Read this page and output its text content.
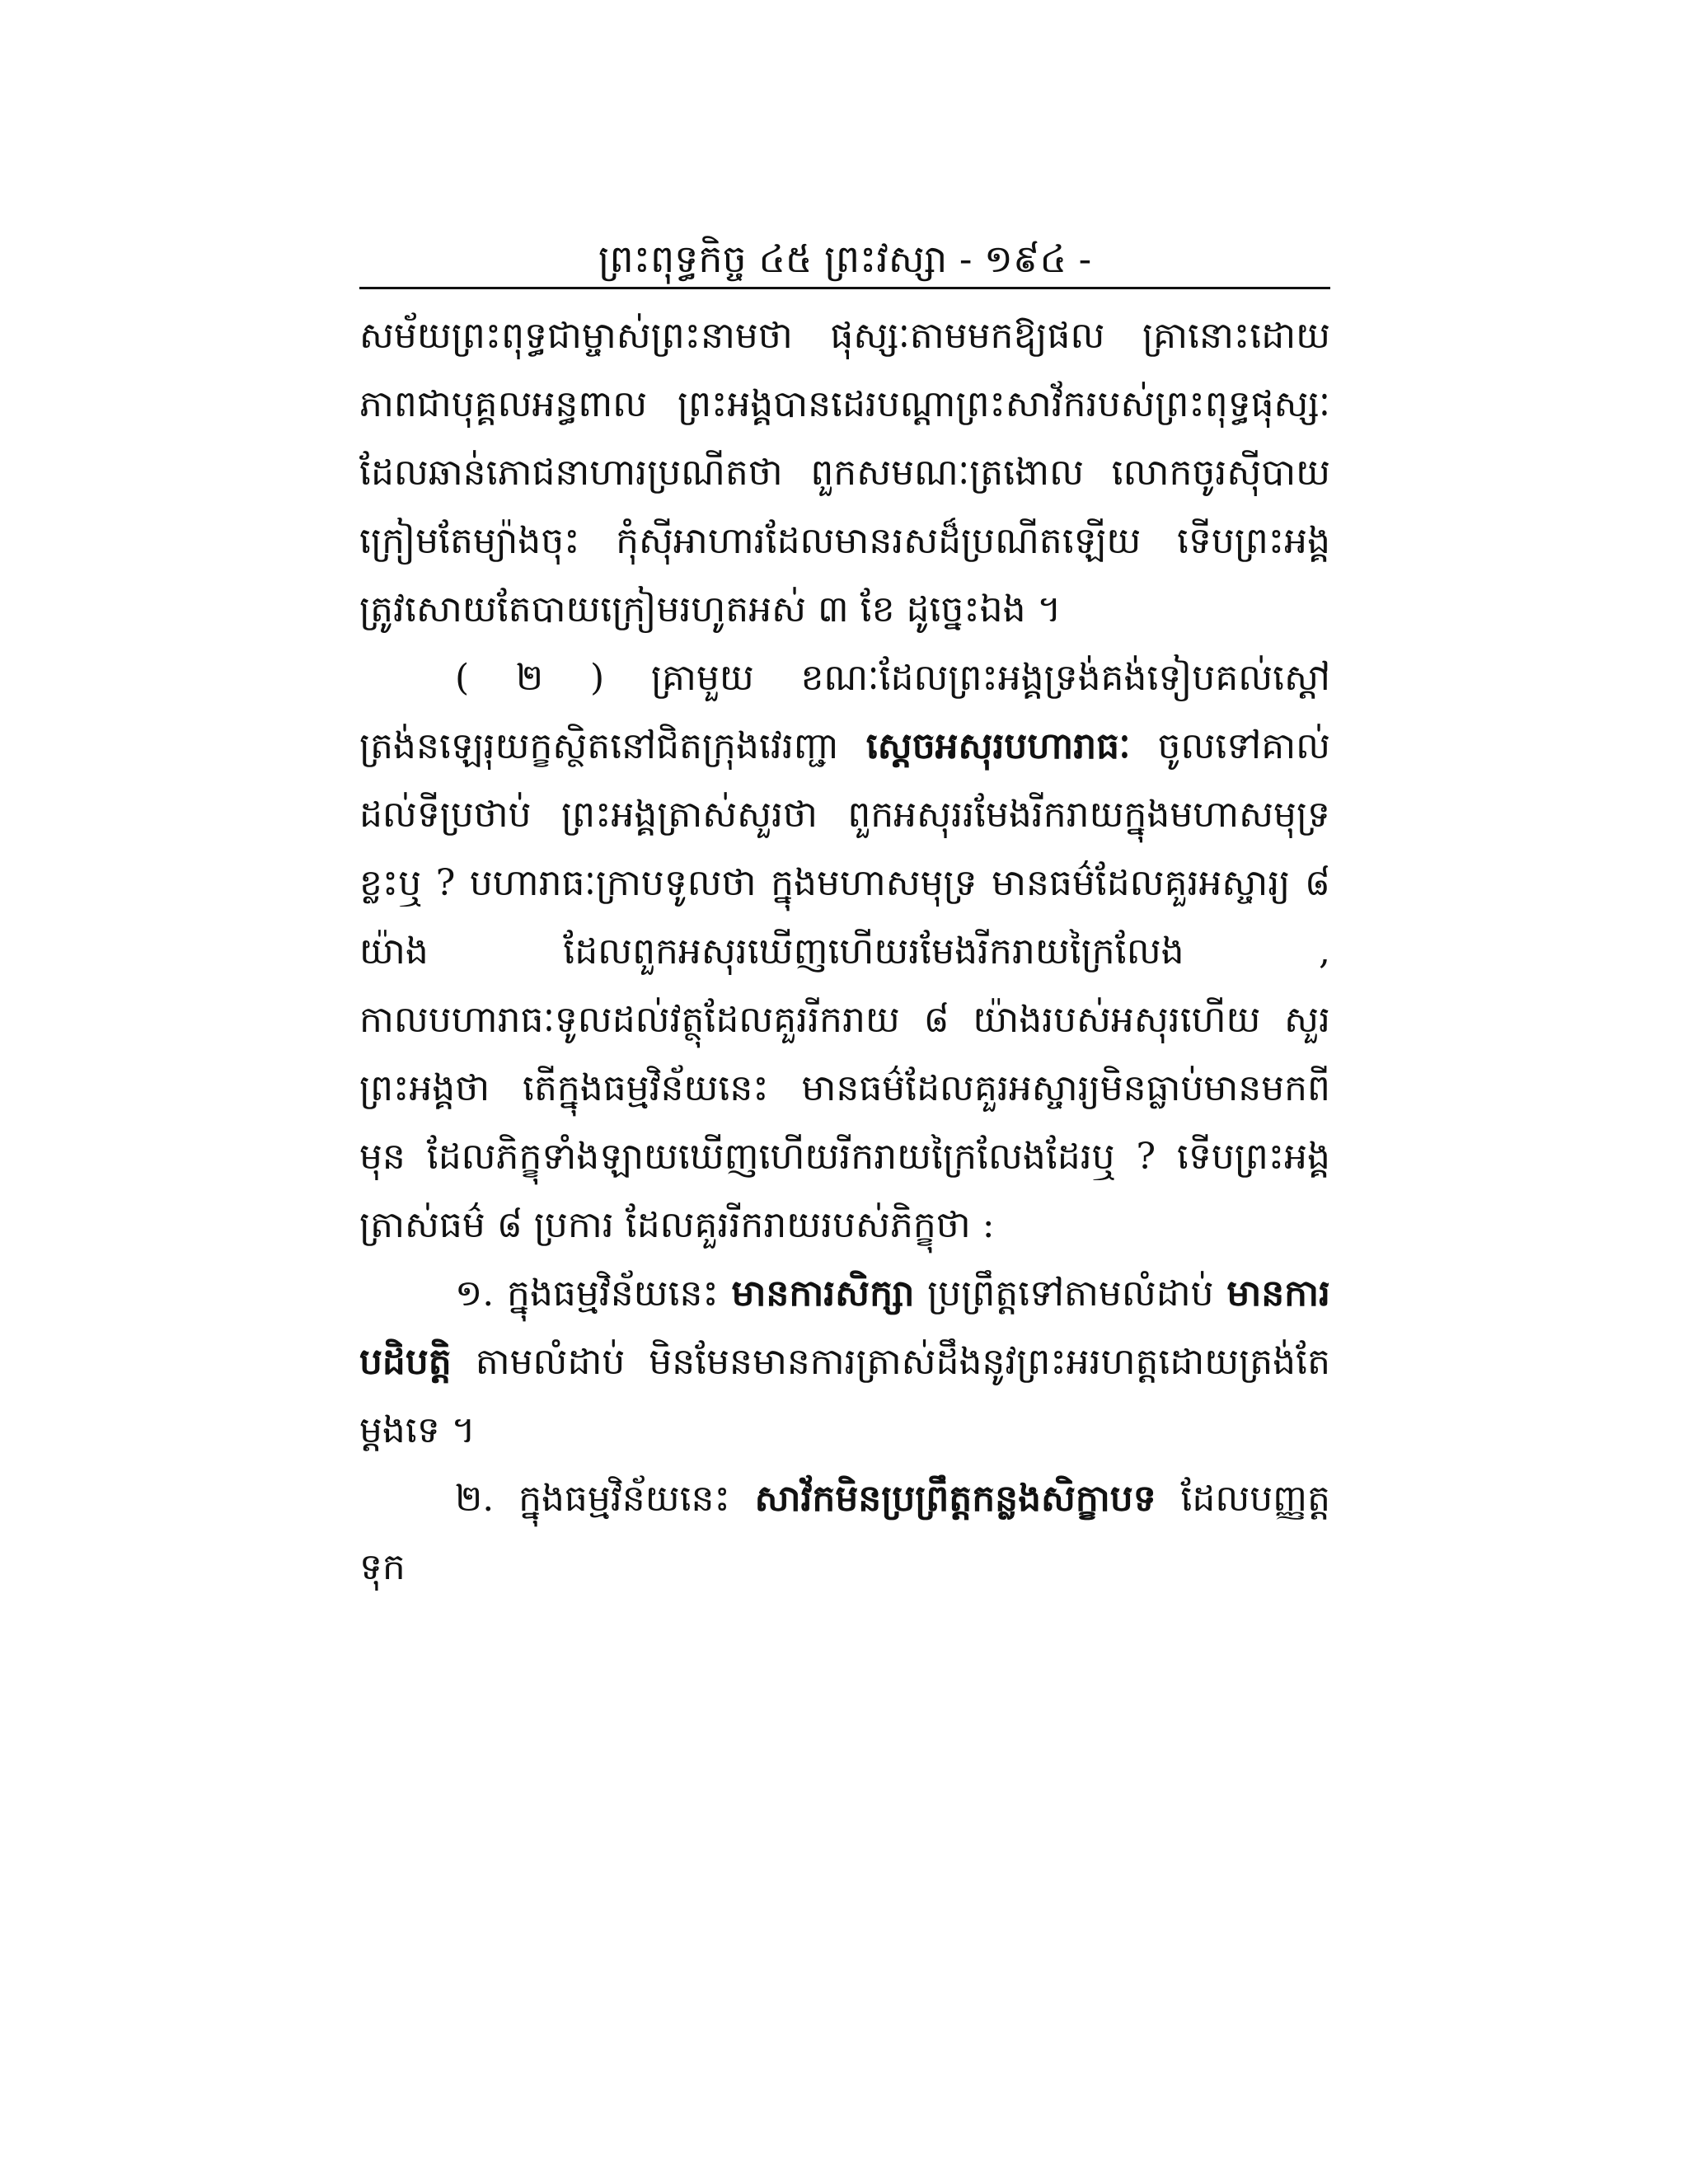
ព្រះពុទ្ធកិច្ច ៤៥ ព្រះវស្សា - ១៩៤ -

សម័យព្រះពុទ្ធជាម្ចាស់ព្រះនាមថា ផុស្សៈតាមមកឱ្យផល គ្រានោះដោយភាពជាបុគ្គលអន្ធពាល ព្រះអង្គបានដេរបណ្ដាព្រះសាវ័ករបស់ព្រះពុទ្ធផុស្សៈ ដែលឆាន់ភោជនាហារប្រណីតថា ពួកសមណៈត្រងោល លោកចូរស៊ីបាយក្រៀមតែម្យ៉ាងចុះ កុំស៊ីអាហារដែលមានរសដ៏ប្រណីតឡើយ ទើបព្រះអង្គត្រូវសោយតែបាយក្រៀមរហូតអស់ ៣ ខែ ដូច្នេះឯង ។

( ២ ) គ្រាមួយ ខណៈដែលព្រះអង្គទ្រង់គង់ទៀបគល់ស្ដៅ ត្រង់នឡេរុយក្ខស្ថិតនៅជិតក្រុងវេរញ្ជា ស្ដេចអសុរបហារាធៈ ចូលទៅគាល់ដល់ទីប្រថាប់ ព្រះអង្គត្រាស់សួរថា ពួកអសុររមែងរីករាយក្នុងមហាសមុទ្រខ្លះឬ ? បហារាធៈក្រាបទូលថា ក្នុងមហាសមុទ្រ មានធម៌ដែលគួរអស្ចារ្យ ៨ យ៉ាង ដែលពួកអសុរឃើញហើយរមែងរីករាយក្រៃលែង , កាលបហារាធៈទូលដល់វត្ថុដែលគួររីករាយ ៨ យ៉ាងរបស់អសុរហើយ សួរព្រះអង្គថា តើក្នុងធម្មវិន័យនេះ មានធម៌ដែលគួរអស្ចារ្យមិនធ្លាប់មានមកពីមុន ដែលភិក្ខុទាំងឡាយឃើញហើយរីករាយក្រៃលែងដែរឬ ? ទើបព្រះអង្គត្រាស់ធម៌ ៨ ប្រការ ដែលគួររីករាយរបស់ភិក្ខុថា :

១. ក្នុងធម្មវិន័យនេះ មានការសិក្សា ប្រព្រឹត្តទៅតាមលំដាប់ មានការបដិបត្តិ តាមលំដាប់ មិនមែនមានការត្រាស់ដឹងនូវព្រះអរហត្តដោយត្រង់តែម្ដងទេ ។

២. ក្នុងធម្មវិន័យនេះ សាវ័កមិនប្រព្រឹត្តកន្លងសិក្ខាបទ ដែលបញ្ញត្តទុក
